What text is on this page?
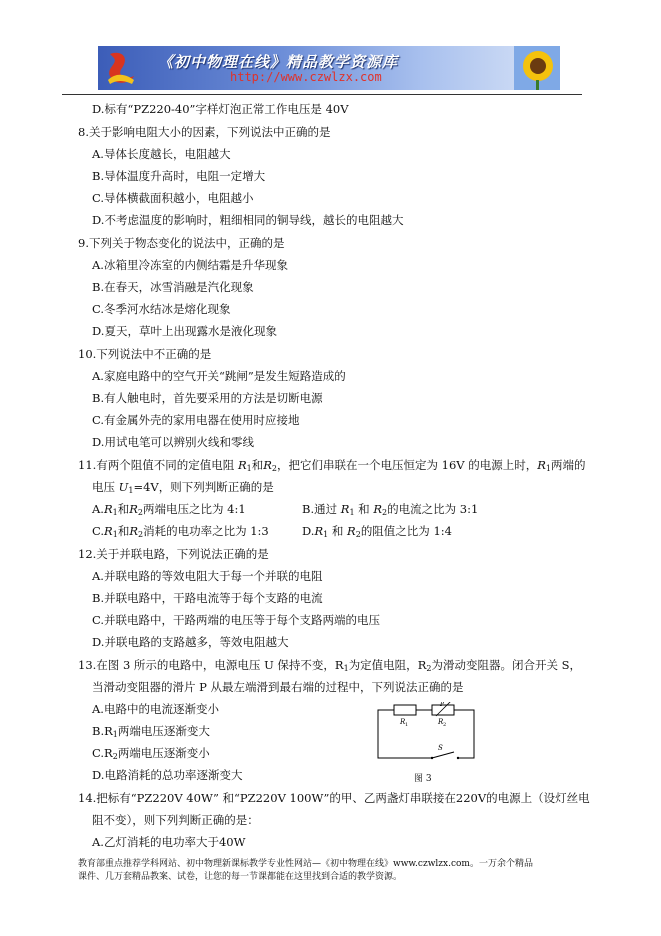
《初中物理在线》精品教学资源库
http://www.czwlzx.com
D.标有“PZ220-40”字样灯泡正常工作电压是 40V
8.关于影响电阻大小的因素，下列说法中正确的是
A.导体长度越长，电阻越大
B.导体温度升高时，电阻一定增大
C.导体横截面积越小，电阻越小
D.不考虑温度的影响时，粗细相同的铜导线，越长的电阻越大
9.下列关于物态变化的说法中，正确的是
A.冰箱里冷冻室的内侧结霜是升华现象
B.在春天，冰雪消融是汽化现象
C.冬季河水结冰是熔化现象
D.夏天，草叶上出现露水是液化现象
10.下列说法中不正确的是
A.家庭电路中的空气开关“跳闸”是发生短路造成的
B.有人触电时，首先要采用的方法是切断电源
C.有金属外壳的家用电器在使用时应接地
D.用试电笔可以辨别火线和零线
11.有两个阻值不同的定值电阻 $R_1$和$R_2$，把它们串联在一个电压恒定为 16V 的电源上时，$R_1$两端的
电压 $U_1=4V$，则下列判断正确的是
$A.R_1$和$R_2$两端电压之比为 4:1	B.通过 $R_1$ 和 $R_2$的电流之比为 3:1
$C.R_1$和$R_2$消耗的电功率之比为 1:3	$D.R_1$ 和 $R_2$的阻值之比为 1:4
12.关于并联电路，下列说法正确的是
A.并联电路的等效电阻大于每一个并联的电阻
B.并联电路中，干路电流等于每个支路的电流
C.并联电路中，干路两端的电压等于每个支路两端的电压
D.并联电路的支路越多，等效电阻越大
13.在图 3 所示的电路中，电源电压 U 保持不变，$R_1$为定值电阻，$R_2$为滑动变阻器。闭合开关 S，
当滑动变阻器的滑片 P 从最左端滑到最右端的过程中，下列说法正确的是
A.电路中的电流逐渐变小
$B.R_1$两端电压逐渐变大
$C.R_2$两端电压逐渐变小
D.电路消耗的总功率逐渐变大
P
R 1	R 2
S
图 3
14.把标有“PZ220V 40W” 和“PZ220V 100W”的甲、乙两盏灯串联接在220V的电源上（设灯丝电
阻不变），则下列判断正确的是：
A.乙灯消耗的电功率大于40W
教育部重点推荐学科网站、初中物理新课标教学专业性网站—《初中物理在线》www.czwlzx.com。一万余个精品
课件、几万套精品教案、试卷，让您的每一节课都能在这里找到合适的教学资源。
